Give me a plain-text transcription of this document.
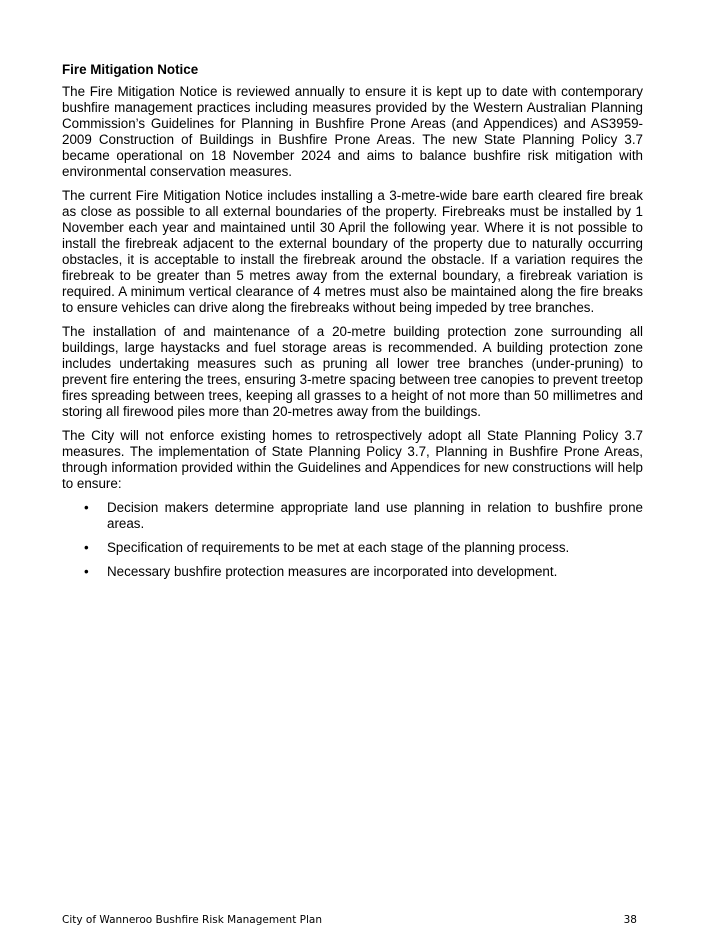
Fire Mitigation Notice

The Fire Mitigation Notice is reviewed annually to ensure it is kept up to date with contemporary bushfire management practices including measures provided by the Western Australian Planning Commission’s Guidelines for Planning in Bushfire Prone Areas (and Appendices) and AS3959-2009 Construction of Buildings in Bushfire Prone Areas. The new State Planning Policy 3.7 became operational on 18 November 2024 and aims to balance bushfire risk mitigation with environmental conservation measures.

The current Fire Mitigation Notice includes installing a 3-metre-wide bare earth cleared fire break as close as possible to all external boundaries of the property. Firebreaks must be installed by 1 November each year and maintained until 30 April the following year. Where it is not possible to install the firebreak adjacent to the external boundary of the property due to naturally occurring obstacles, it is acceptable to install the firebreak around the obstacle. If a variation requires the firebreak to be greater than 5 metres away from the external boundary, a firebreak variation is required. A minimum vertical clearance of 4 metres must also be maintained along the fire breaks to ensure vehicles can drive along the firebreaks without being impeded by tree branches.

The installation of and maintenance of a 20-metre building protection zone surrounding all buildings, large haystacks and fuel storage areas is recommended. A building protection zone includes undertaking measures such as pruning all lower tree branches (under-pruning) to prevent fire entering the trees, ensuring 3-metre spacing between tree canopies to prevent treetop fires spreading between trees, keeping all grasses to a height of not more than 50 millimetres and storing all firewood piles more than 20-metres away from the buildings.

The City will not enforce existing homes to retrospectively adopt all State Planning Policy 3.7 measures. The implementation of State Planning Policy 3.7, Planning in Bushfire Prone Areas, through information provided within the Guidelines and Appendices for new constructions will help to ensure:

• Decision makers determine appropriate land use planning in relation to bushfire prone areas.
• Specification of requirements to be met at each stage of the planning process.
• Necessary bushfire protection measures are incorporated into development.
City of Wanneroo Bushfire Risk Management Plan	38
